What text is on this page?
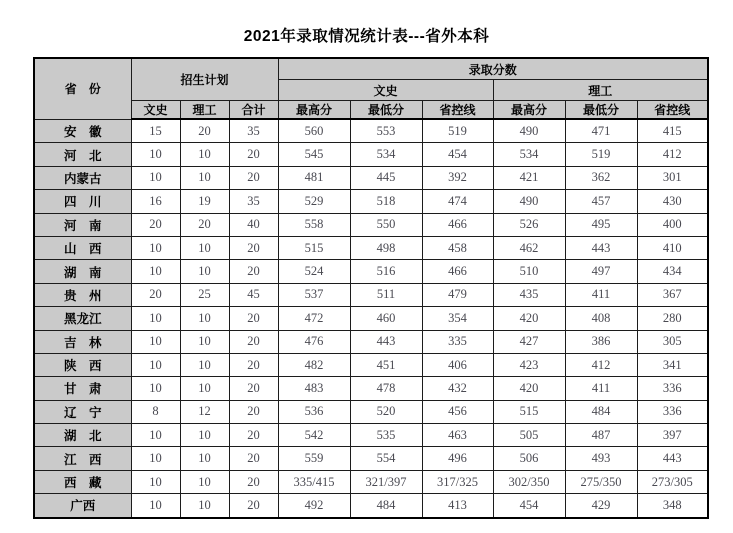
2021年录取情况统计表---省外本科
省　份	招生计划			录取分数					
				文史			理工		
	文史	理工	合计	最高分	最低分	省控线	最高分	最低分	省控线
安　徽	15	20	35	560	553	519	490	471	415
河　北	10	10	20	545	534	454	534	519	412
内蒙古	10	10	20	481	445	392	421	362	301
四　川	16	19	35	529	518	474	490	457	430
河　南	20	20	40	558	550	466	526	495	400
山　西	10	10	20	515	498	458	462	443	410
湖　南	10	10	20	524	516	466	510	497	434
贵　州	20	25	45	537	511	479	435	411	367
黑龙江	10	10	20	472	460	354	420	408	280
吉　林	10	10	20	476	443	335	427	386	305
陕　西	10	10	20	482	451	406	423	412	341
甘　肃	10	10	20	483	478	432	420	411	336
辽　宁	8	12	20	536	520	456	515	484	336
湖　北	10	10	20	542	535	463	505	487	397
江　西	10	10	20	559	554	496	506	493	443
西　藏	10	10	20	335/415	321/397	317/325	302/350	275/350	273/305
广西	10	10	20	492	484	413	454	429	348
